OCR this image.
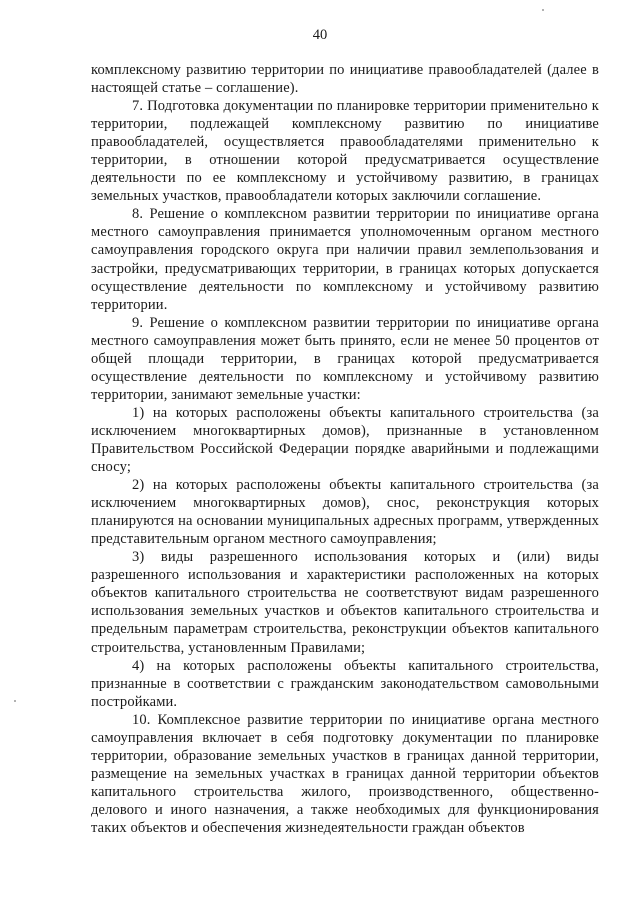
40

комплексному развитию территории по инициативе правообладателей (далее в настоящей статье – соглашение).

7. Подготовка документации по планировке территории применительно к территории, подлежащей комплексному развитию по инициативе правообладателей, осуществляется правообладателями применительно к территории, в отношении которой предусматривается осуществление деятельности по ее комплексному и устойчивому развитию, в границах земельных участков, правообладатели которых заключили соглашение.

8. Решение о комплексном развитии территории по инициативе органа местного самоуправления принимается уполномоченным органом местного самоуправления городского округа при наличии правил землепользования и застройки, предусматривающих территории, в границах которых допускается осуществление деятельности по комплексному и устойчивому развитию территории.

9. Решение о комплексном развитии территории по инициативе органа местного самоуправления может быть принято, если не менее 50 процентов от общей площади территории, в границах которой предусматривается осуществление деятельности по комплексному и устойчивому развитию территории, занимают земельные участки:

1) на которых расположены объекты капитального строительства (за исключением многоквартирных домов), признанные в установленном Правительством Российской Федерации порядке аварийными и подлежащими сносу;

2) на которых расположены объекты капитального строительства (за исключением многоквартирных домов), снос, реконструкция которых планируются на основании муниципальных адресных программ, утвержденных представительным органом местного самоуправления;

3) виды разрешенного использования которых и (или) виды разрешенного использования и характеристики расположенных на которых объектов капитального строительства не соответствуют видам разрешенного использования земельных участков и объектов капитального строительства и предельным параметрам строительства, реконструкции объектов капитального строительства, установленным Правилами;

4) на которых расположены объекты капитального строительства, признанные в соответствии с гражданским законодательством самовольными постройками.

10. Комплексное развитие территории по инициативе органа местного самоуправления включает в себя подготовку документации по планировке территории, образование земельных участков в границах данной территории, размещение на земельных участках в границах данной территории объектов капитального строительства жилого, производственного, общественно-делового и иного назначения, а также необходимых для функционирования таких объектов и обеспечения жизнедеятельности граждан объектов
